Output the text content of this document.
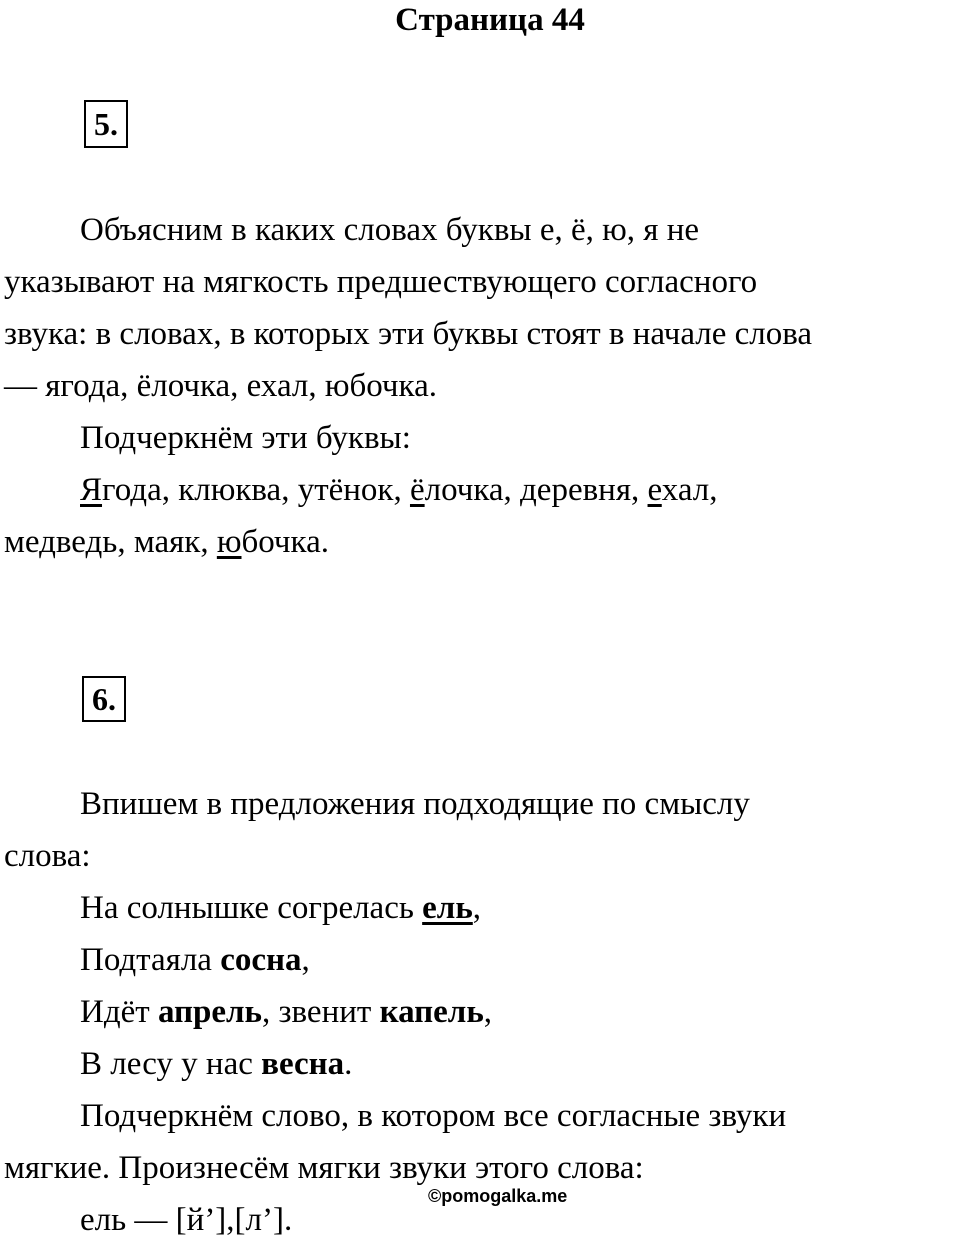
Страница 44
5.
Объясним в каких словах буквы е, ё, ю, я не
указывают на мягкость предшествующего согласного
звука: в словах, в которых эти буквы стоят в начале слова
— ягода, ёлочка, ехал, юбочка.
Подчеркнём эти буквы:
Ягода, клюква, утёнок, ёлочка, деревня, ехал,
медведь, маяк, юбочка.
6.
Впишем в предложения подходящие по смыслу
слова:
На солнышке согрелась ель,
Подтаяла сосна,
Идёт апрель, звенит капель,
В лесу у нас весна.
Подчеркнём слово, в котором все согласные звуки
мягкие. Произнесём мягки звуки этого слова:
ель — [й’],[л’].
©pomogalka.me
